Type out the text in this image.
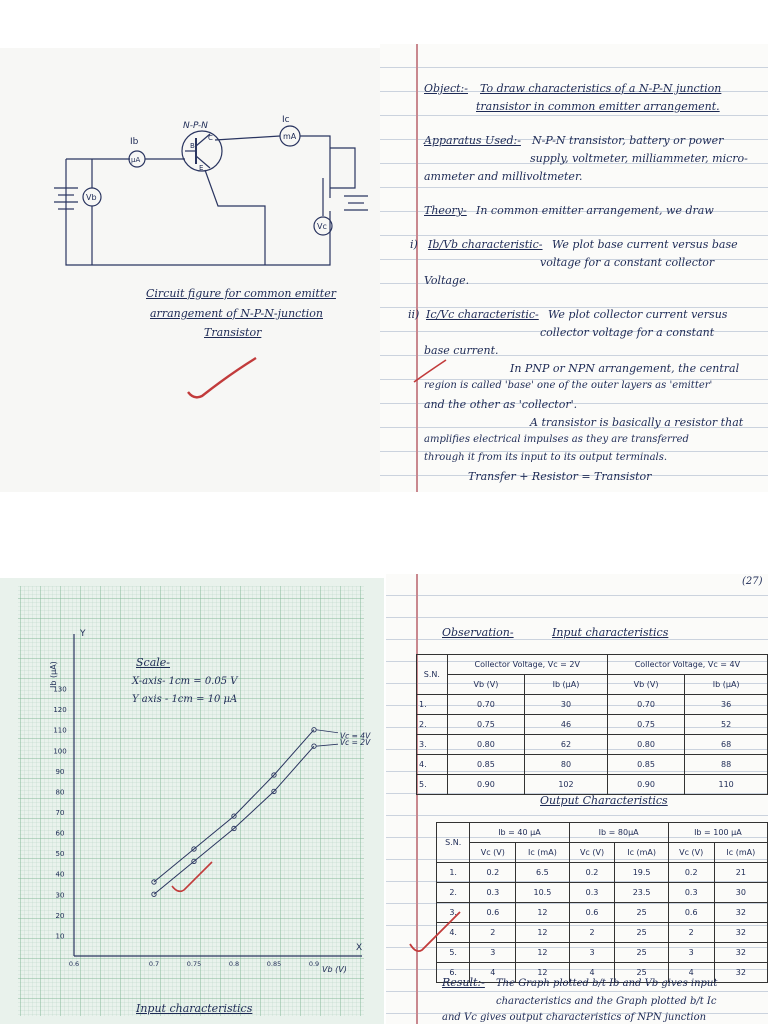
Ib
μA
N-P-N
Ic
mA
Vb
Vc
B
C
E
Circuit figure for common emitter
arrangement of N-P-N-junction
Transistor
Object:- To draw characteristics of a N-P-N junction
transistor in common emitter arrangement.
Apparatus Used:- N-P-N transistor, battery or power
supply, voltmeter, milliammeter, micro-
ammeter and millivoltmeter.
Theory- In common emitter arrangement, we draw
i) Ib/Vb characteristic- We plot base current versus base
voltage for a constant collector
Voltage.
ii) Ic/Vc characteristic- We plot collector current versus
collector voltage for a constant
base current.
In PNP or NPN arrangement, the central
region is called 'base' one of the outer layers as 'emitter'
and the other as 'collector'.
A transistor is basically a resistor that
amplifies electrical impulses as they are transferred
through it from its input to its output terminals.
Transfer + Resistor = Transistor
Y
X
Ib (μA)
Vb (V)
10
20
30
40
50
60
70
80
90
100
110
120
130
0.6	0.7	0.75	0.8	0.85	0.9
Vc = 2V
Vc = 4V
Scale-
X-axis- 1cm = 0.05 V
Y axis - 1cm = 10 μA
Input characteristics
(27)
Observation-	Input characteristics
S.N.	Collector Voltage, Vc = 2V		Collector Voltage, Vc = 4V	
	Vb (V)	Ib (μA)	Vb (V)	Ib (μA)
1.	0.70	30	0.70	36
2.	0.75	46	0.75	52
3.	0.80	62	0.80	68
4.	0.85	80	0.85	88
5.	0.90	102	0.90	110
Output Characteristics
S.N.	Ib = 40 μA		Ib = 80μA		Ib = 100 μA	
	Vc (V)	Ic (mA)	Vc (V)	Ic (mA)	Vc (V)	Ic (mA)
1.	0.2	6.5	0.2	19.5	0.2	21
2.	0.3	10.5	0.3	23.5	0.3	30
3.	0.6	12	0.6	25	0.6	32
4.	2	12	2	25	2	32
5.	3	12	3	25	3	32
6.	4	12	4	25	4	32
Result:- The Graph plotted b/t Ib and Vb gives input
characteristics and the Graph plotted b/t Ic
and Vc gives output characteristics of NPN junction
